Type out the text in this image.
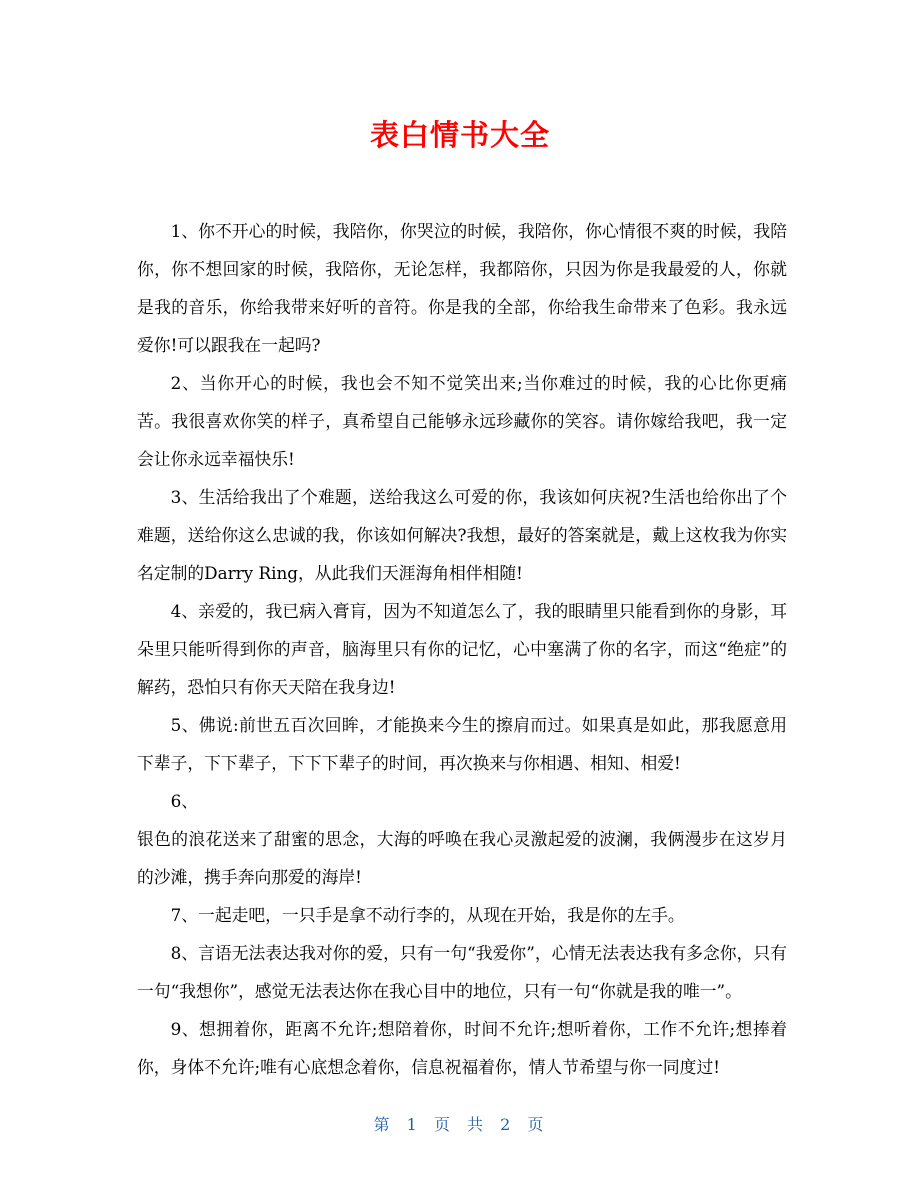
表白情书大全

1、你不开心的时候，我陪你，你哭泣的时候，我陪你，你心情很不爽的时候，我陪你，你不想回家的时候，我陪你，无论怎样，我都陪你，只因为你是我最爱的人，你就是我的音乐，你给我带来好听的音符。你是我的全部，你给我生命带来了色彩。我永远爱你!可以跟我在一起吗?

2、当你开心的时候，我也会不知不觉笑出来;当你难过的时候，我的心比你更痛苦。我很喜欢你笑的样子，真希望自己能够永远珍藏你的笑容。请你嫁给我吧，我一定会让你永远幸福快乐!

3、生活给我出了个难题，送给我这么可爱的你，我该如何庆祝?生活也给你出了个难题，送给你这么忠诚的我，你该如何解决?我想，最好的答案就是，戴上这枚我为你实名定制的Darry Ring，从此我们天涯海角相伴相随!

4、亲爱的，我已病入膏肓，因为不知道怎么了，我的眼睛里只能看到你的身影，耳朵里只能听得到你的声音，脑海里只有你的记忆，心中塞满了你的名字，而这“绝症”的解药，恐怕只有你天天陪在我身边!

5、佛说:前世五百次回眸，才能换来今生的擦肩而过。如果真是如此，那我愿意用下辈子，下下辈子，下下下辈子的时间，再次换来与你相遇、相知、相爱!

6、

银色的浪花送来了甜蜜的思念，大海的呼唤在我心灵激起爱的波澜，我俩漫步在这岁月的沙滩，携手奔向那爱的海岸!

7、一起走吧，一只手是拿不动行李的，从现在开始，我是你的左手。

8、言语无法表达我对你的爱，只有一句“我爱你”，心情无法表达我有多念你，只有一句“我想你”，感觉无法表达你在我心目中的地位，只有一句“你就是我的唯一”。

9、想拥着你，距离不允许;想陪着你，时间不允许;想听着你，工作不允许;想捧着你，身体不允许;唯有心底想念着你，信息祝福着你，情人节希望与你一同度过!

第 1 页 共 2 页
